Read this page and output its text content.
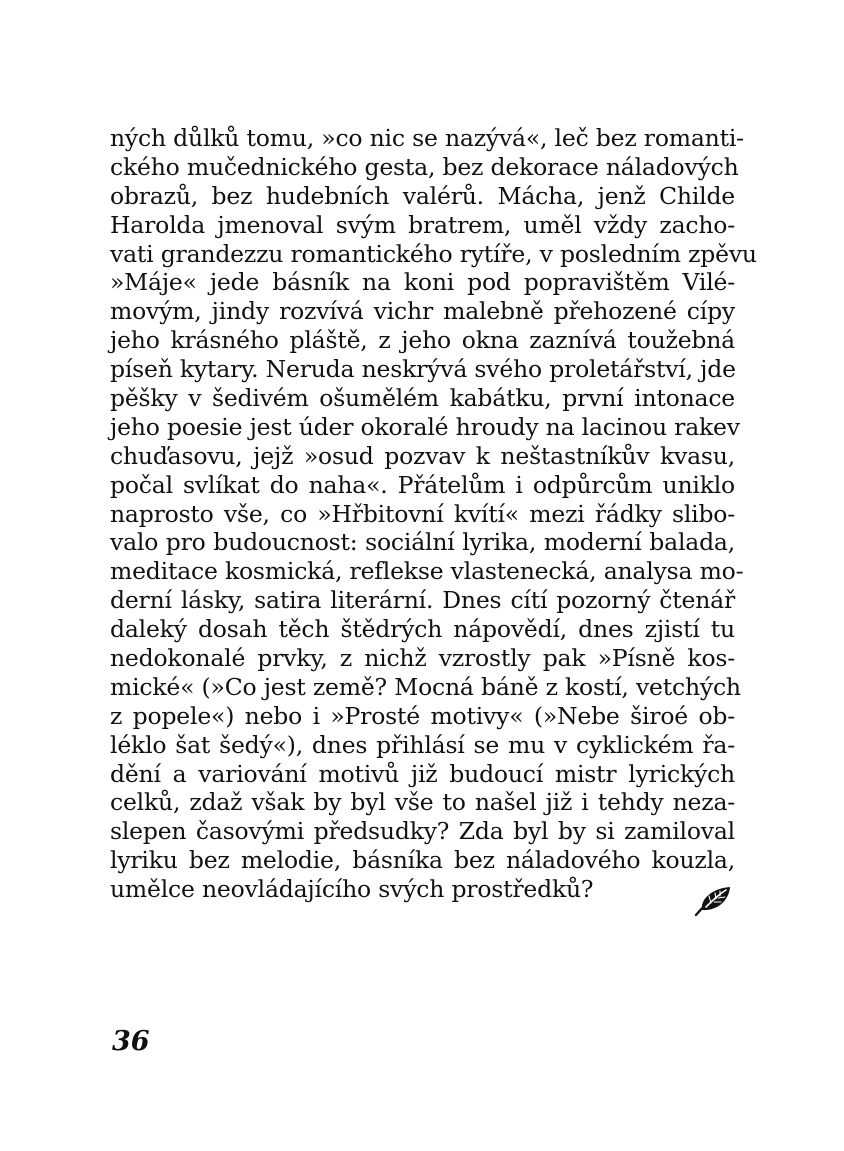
ných důlků tomu, »co nic se nazývá«, leč bez romanti-
ckého mučednického gesta, bez dekorace náladových
obrazů, bez hudebních valérů. Mácha, jenž Childe
Harolda jmenoval svým bratrem, uměl vždy zacho-
vati grandezzu romantického rytíře, v posledním zpěvu
»Máje« jede básník na koni pod popravištěm Vilé-
movým, jindy rozvívá vichr malebně přehozené cípy
jeho krásného pláště, z jeho okna zaznívá toužebná
píseň kytary. Neruda neskrývá svého proletářství, jde
pěšky v šedivém ošumělém kabátku, první intonace
jeho poesie jest úder okoralé hroudy na lacinou rakev
chuďasovu, jejž »osud pozvav k neštastníkův kvasu,
počal svlíkat do naha«. Přátelům i odpůrcům uniklo
naprosto vše, co »Hřbitovní kvítí« mezi řádky slibo-
valo pro budoucnost: sociální lyrika, moderní balada,
meditace kosmická, reflekse vlastenecká, analysa mo-
derní lásky, satira literární. Dnes cítí pozorný čtenář
daleký dosah těch štědrých nápovědí, dnes zjistí tu
nedokonalé prvky, z nichž vzrostly pak »Písně kos-
mické« (»Co jest země? Mocná báně z kostí, vetchých
z popele«) nebo i »Prosté motivy« (»Nebe široé ob-
léklo šat šedý«), dnes přihlásí se mu v cyklickém řa-
dění a variování motivů již budoucí mistr lyrických
celků, zdaž však by byl vše to našel již i tehdy neza-
slepen časovými předsudky? Zda byl by si zamiloval
lyriku bez melodie, básníka bez náladového kouzla,
umělce neovládajícího svých prostředků?
36
